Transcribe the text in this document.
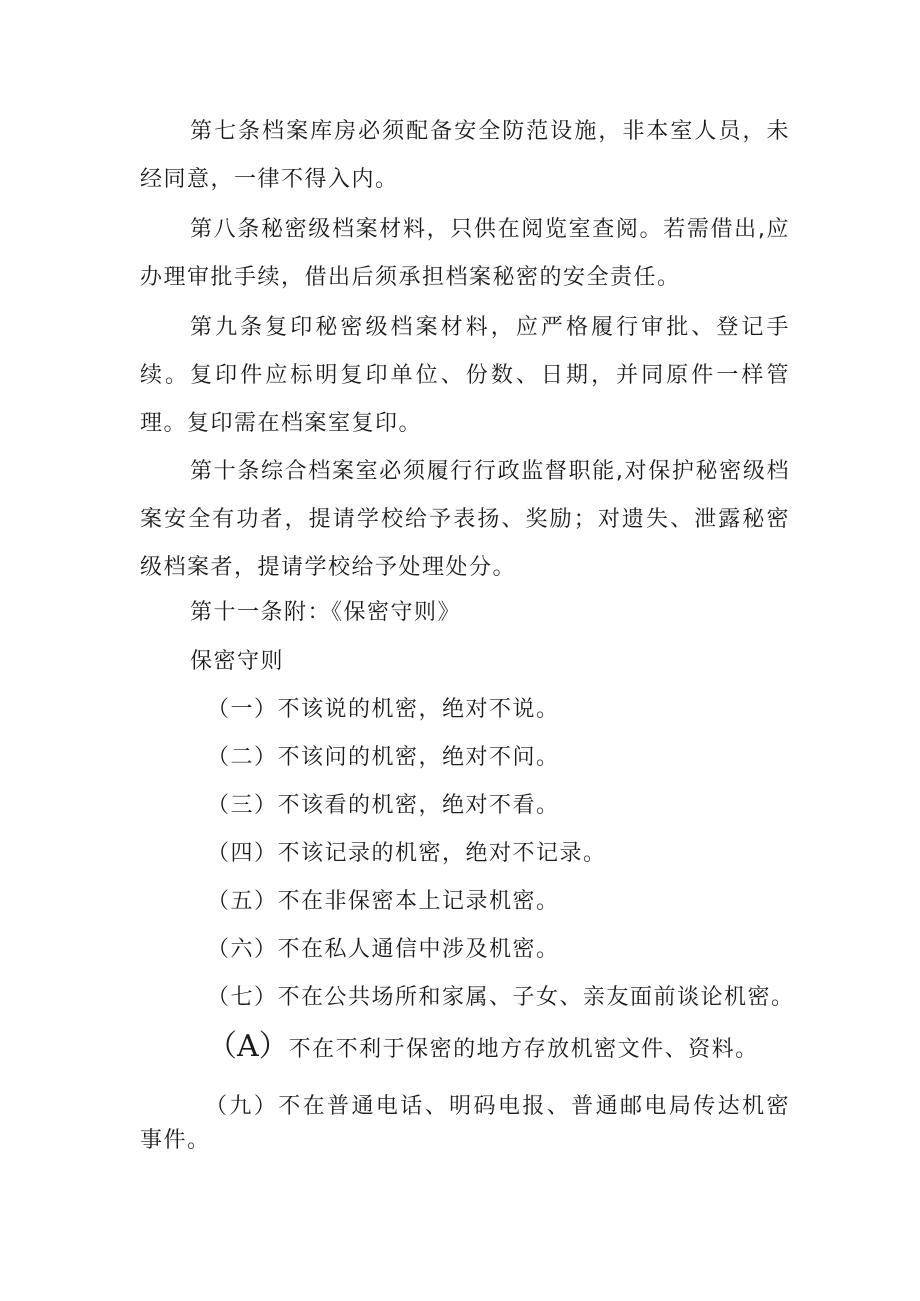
第七条档案库房必须配备安全防范设施，非本室人员，未经同意，一律不得入内。

第八条秘密级档案材料，只供在阅览室查阅。若需借出,应办理审批手续，借出后须承担档案秘密的安全责任。

第九条复印秘密级档案材料，应严格履行审批、登记手续。复印件应标明复印单位、份数、日期，并同原件一样管理。复印需在档案室复印。

第十条综合档案室必须履行行政监督职能,对保护秘密级档案安全有功者，提请学校给予表扬、奖励；对遗失、泄露秘密级档案者，提请学校给予处理处分。

第十一条附：《保密守则》

保密守则

（一）不该说的机密，绝对不说。

（二）不该问的机密，绝对不问。

（三）不该看的机密，绝对不看。

（四）不该记录的机密，绝对不记录。

（五）不在非保密本上记录机密。

（六）不在私人通信中涉及机密。

（七）不在公共场所和家属、子女、亲友面前谈论机密。

（A）不在不利于保密的地方存放机密文件、资料。

（九）不在普通电话、明码电报、普通邮电局传达机密事件。
